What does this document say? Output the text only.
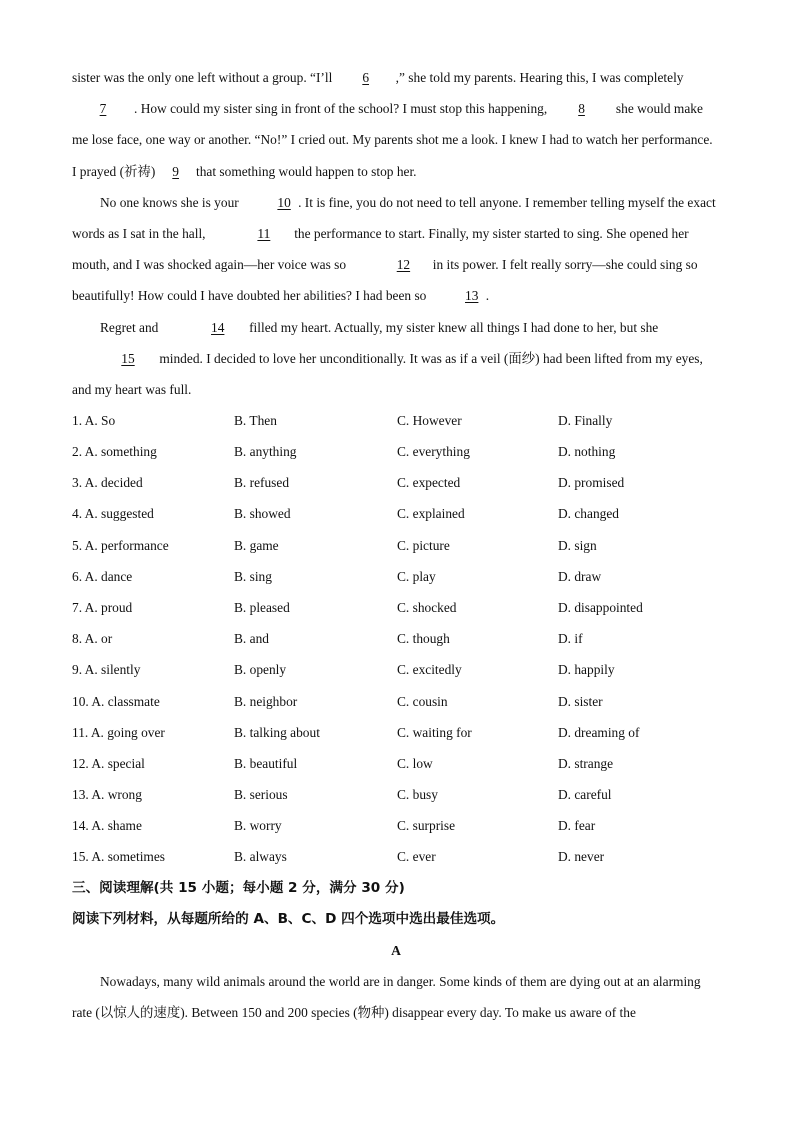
sister was the only one left without a group. “I’ll 6 ,” she told my parents. Hearing this, I was completely 7 . How could my sister sing in front of the school? I must stop this happening, 8 she would make me lose face, one way or another. “No!” I cried out. My parents shot me a look. I knew I had to watch her performance. I prayed (祈祷) 9 that something would happen to stop her.

No one knows she is your	10 . It is fine, you do not need to tell anyone. I remember telling myself the exact words as I sat in the hall,	11 the performance to start. Finally, my sister started to sing. She opened her mouth, and I was shocked again—her voice was so	12 in its power. I felt really sorry—she could sing so beautifully! How could I have doubted her abilities? I had been so	13 .

Regret and	14 filled my heart. Actually, my sister knew all things I had done to her, but she 15 minded. I decided to love her unconditionally. It was as if a veil (面纱) had been lifted from my eyes, and my heart was full.

1. A. So	B. Then	C. However	D. Finally
2. A. something	B. anything	C. everything	D. nothing
3. A. decided	B. refused	C. expected	D. promised
4. A. suggested	B. showed	C. explained	D. changed
5. A. performance	B. game	C. picture	D. sign
6. A. dance	B. sing	C. play	D. draw
7. A. proud	B. pleased	C. shocked	D. disappointed
8. A. or	B. and	C. though	D. if
9. A. silently	B. openly	C. excitedly	D. happily
10. A. classmate	B. neighbor	C. cousin	D. sister
11. A. going over	B. talking about	C. waiting for	D. dreaming of
12. A. special	B. beautiful	C. low	D. strange
13. A. wrong	B. serious	C. busy	D. careful
14. A. shame	B. worry	C. surprise	D. fear
15. A. sometimes	B. always	C. ever	D. never

三、阅读理解(共 15 小题；每小题 2 分，满分 30 分)

阅读下列材料，从每题所给的 A、B、C、D 四个选项中选出最佳选项。

A

Nowadays, many wild animals around the world are in danger. Some kinds of them are dying out at an alarming rate (以惊人的速度). Between 150 and 200 species (物种) disappear every day. To make us aware of the
